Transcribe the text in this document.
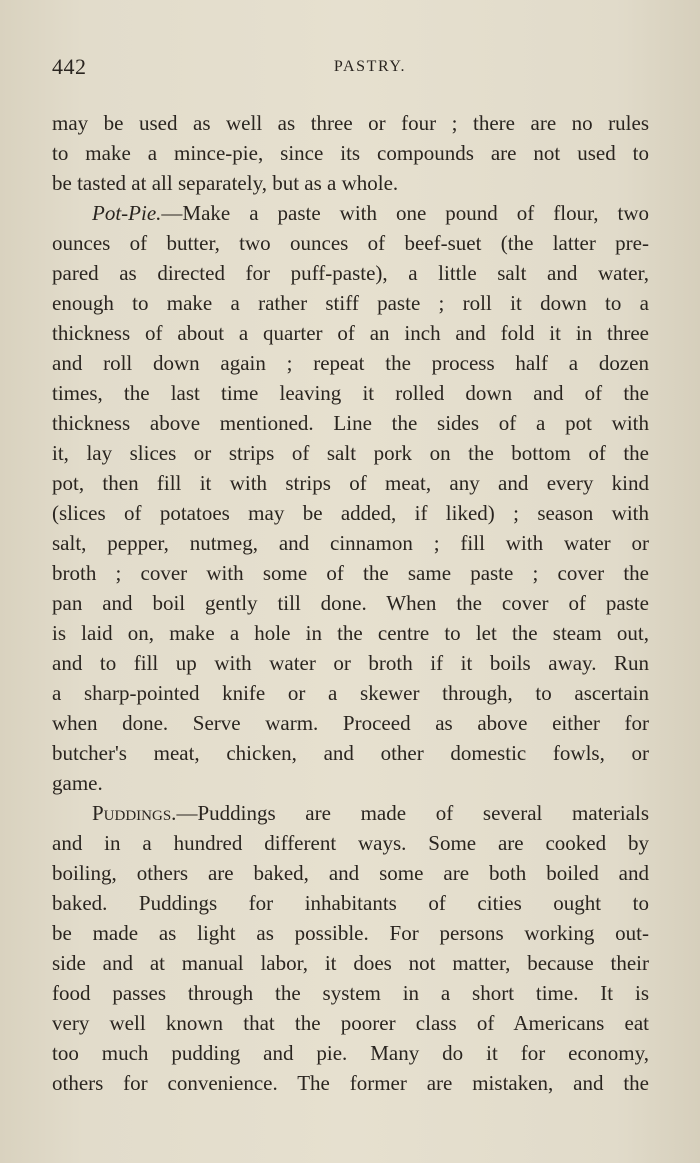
442	PASTRY.
may be used as well as three or four ; there are no rules
to make a mince-pie, since its compounds are not used to
be tasted at all separately, but as a whole.
Pot-Pie.—Make a paste with one pound of flour, two
ounces of butter, two ounces of beef-suet (the latter pre-
pared as directed for puff-paste), a little salt and water,
enough to make a rather stiff paste ; roll it down to a
thickness of about a quarter of an inch and fold it in three
and roll down again ; repeat the process half a dozen
times, the last time leaving it rolled down and of the
thickness above mentioned. Line the sides of a pot with
it, lay slices or strips of salt pork on the bottom of the
pot, then fill it with strips of meat, any and every kind
(slices of potatoes may be added, if liked) ; season with
salt, pepper, nutmeg, and cinnamon ; fill with water or
broth ; cover with some of the same paste ; cover the
pan and boil gently till done. When the cover of paste
is laid on, make a hole in the centre to let the steam out,
and to fill up with water or broth if it boils away. Run
a sharp-pointed knife or a skewer through, to ascertain
when done. Serve warm. Proceed as above either for
butcher's meat, chicken, and other domestic fowls, or
game.
Puddings.—Puddings are made of several materials
and in a hundred different ways. Some are cooked by
boiling, others are baked, and some are both boiled and
baked. Puddings for inhabitants of cities ought to
be made as light as possible. For persons working out-
side and at manual labor, it does not matter, because their
food passes through the system in a short time. It is
very well known that the poorer class of Americans eat
too much pudding and pie. Many do it for economy,
others for convenience. The former are mistaken, and the
